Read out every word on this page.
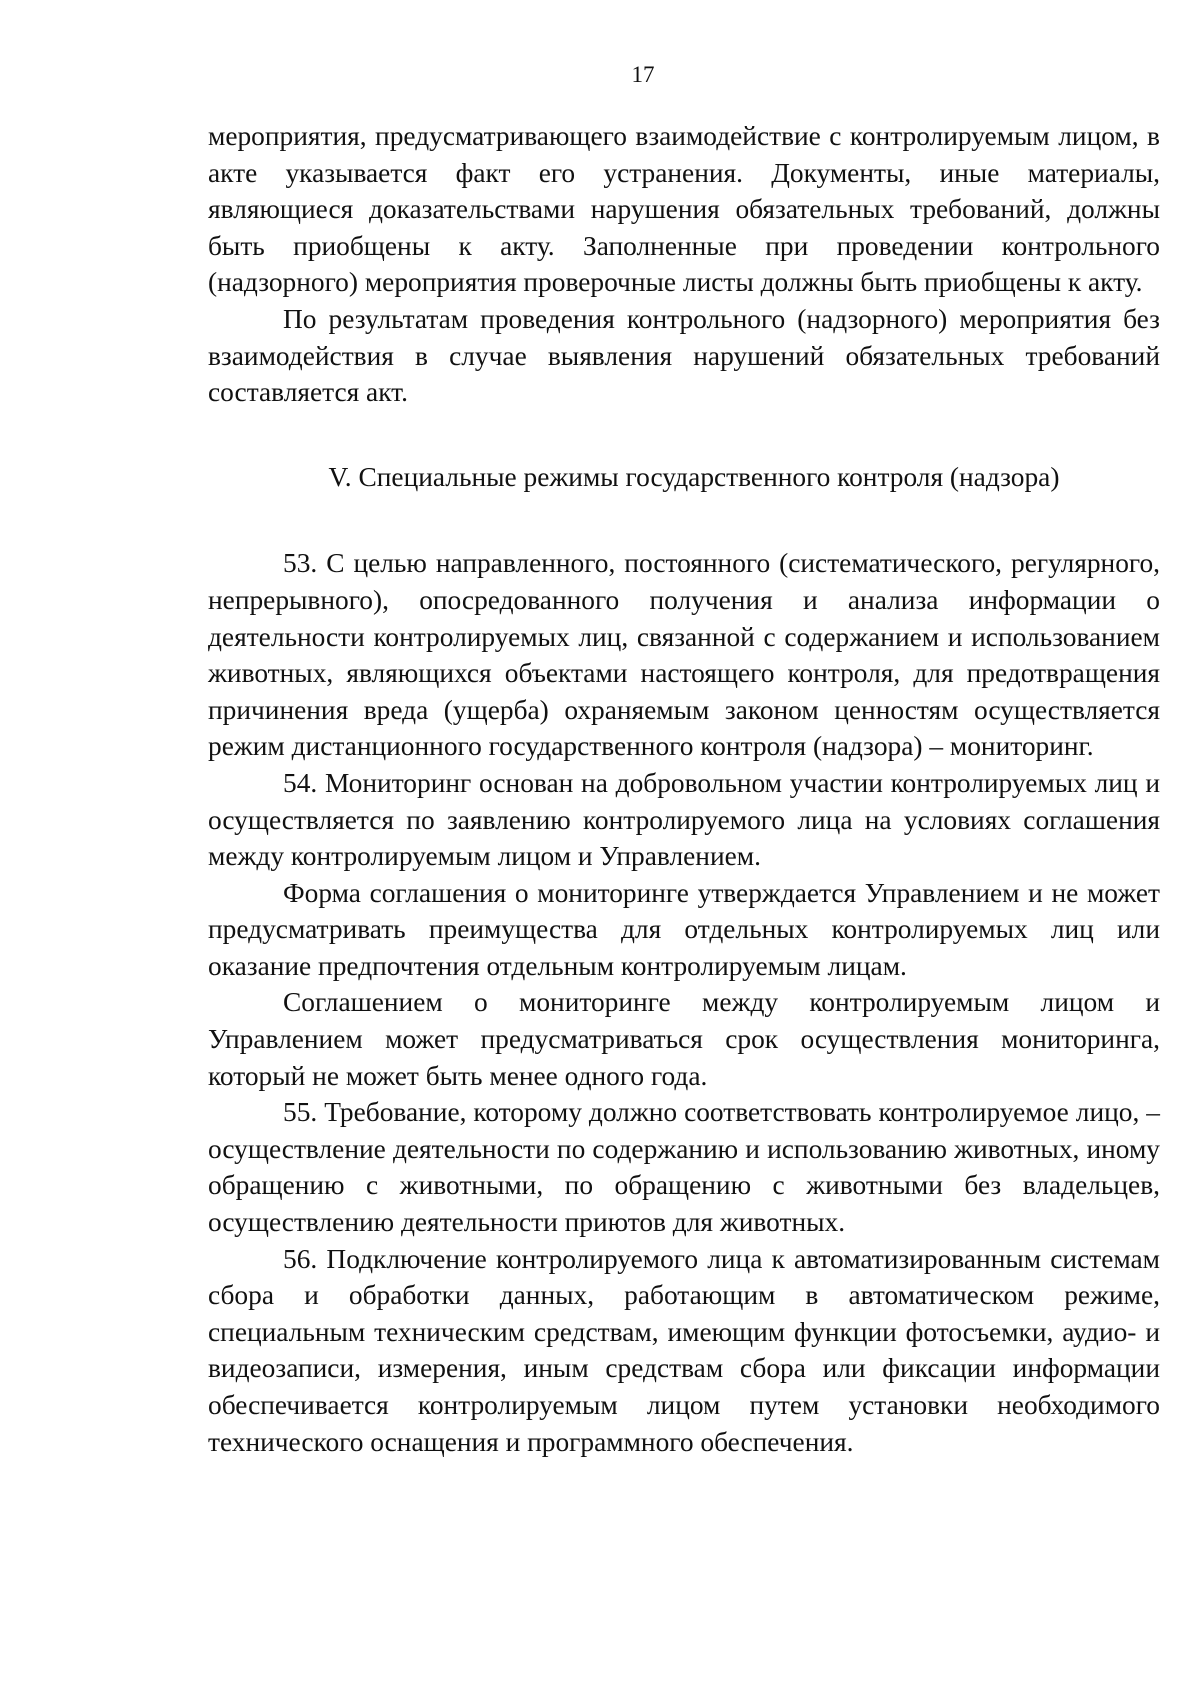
17

мероприятия, предусматривающего взаимодействие с контролируемым лицом, в акте указывается факт его устранения. Документы, иные материалы, являющиеся доказательствами нарушения обязательных требований, должны быть приобщены к акту. Заполненные при проведении контрольного (надзорного) мероприятия проверочные листы должны быть приобщены к акту.

По результатам проведения контрольного (надзорного) мероприятия без взаимодействия в случае выявления нарушений обязательных требований составляется акт.

V. Специальные режимы государственного контроля (надзора)

53. С целью направленного, постоянного (систематического, регулярного, непрерывного), опосредованного получения и анализа информации о деятельности контролируемых лиц, связанной с содержанием и использованием животных, являющихся объектами настоящего контроля, для предотвращения причинения вреда (ущерба) охраняемым законом ценностям осуществляется режим дистанционного государственного контроля (надзора) – мониторинг.

54. Мониторинг основан на добровольном участии контролируемых лиц и осуществляется по заявлению контролируемого лица на условиях соглашения между контролируемым лицом и Управлением.

Форма соглашения о мониторинге утверждается Управлением и не может предусматривать преимущества для отдельных контролируемых лиц или оказание предпочтения отдельным контролируемым лицам.

Соглашением о мониторинге между контролируемым лицом и Управлением может предусматриваться срок осуществления мониторинга, который не может быть менее одного года.

55. Требование, которому должно соответствовать контролируемое лицо, – осуществление деятельности по содержанию и использованию животных, иному обращению с животными, по обращению с животными без владельцев, осуществлению деятельности приютов для животных.

56. Подключение контролируемого лица к автоматизированным системам сбора и обработки данных, работающим в автоматическом режиме, специальным техническим средствам, имеющим функции фотосъемки, аудио- и видеозаписи, измерения, иным средствам сбора или фиксации информации обеспечивается контролируемым лицом путем установки необходимого технического оснащения и программного обеспечения.
